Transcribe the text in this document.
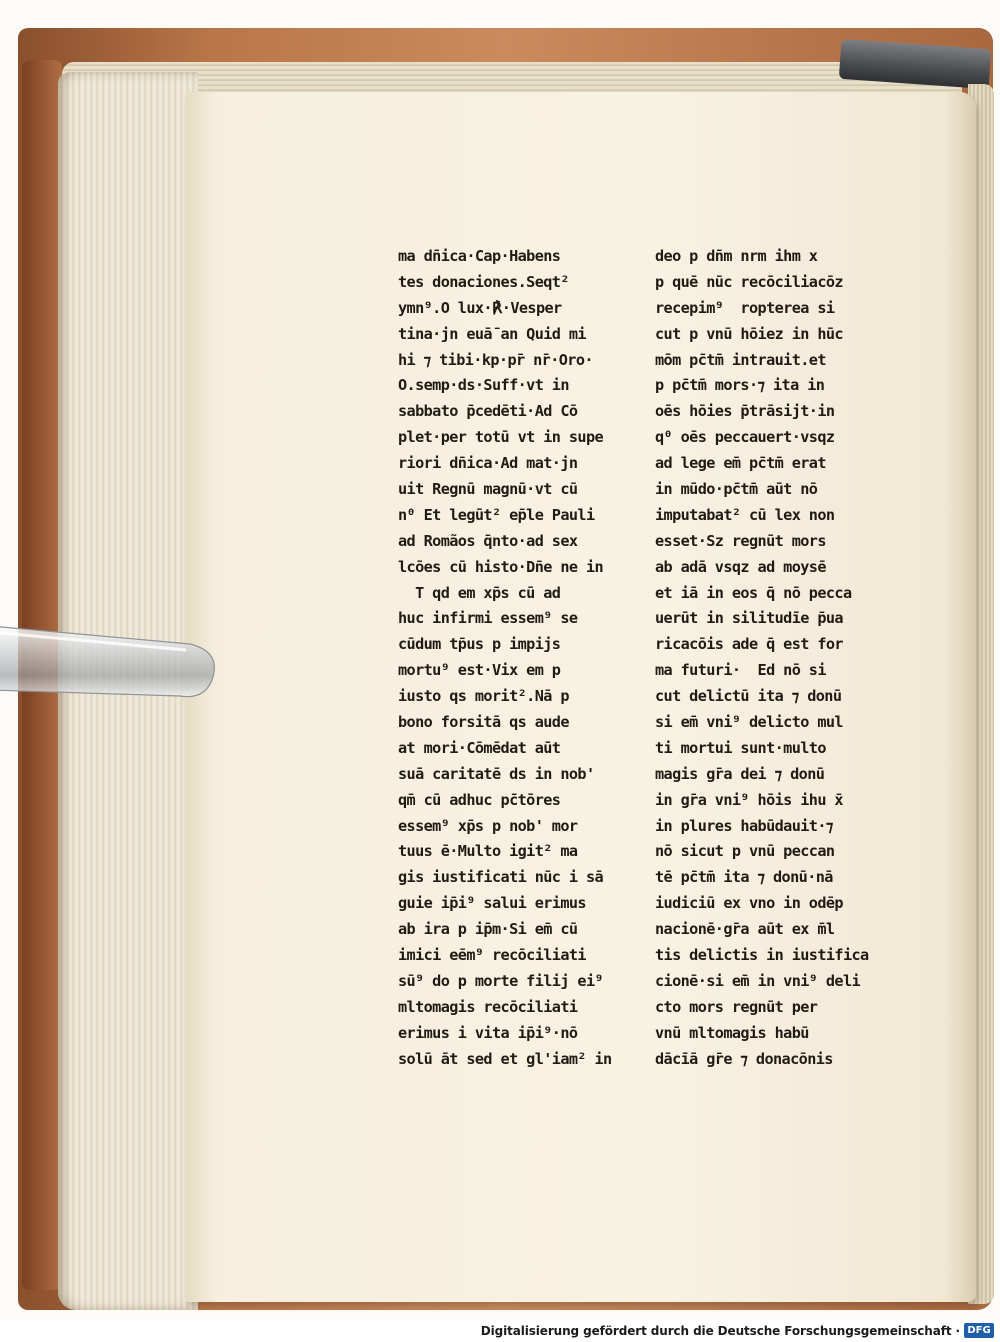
ma dn̄ica·Cap·Habens
tes donaciones.Seqt²
ymn⁹.O lux·℟·Vesper
tina·jn euā̄ an Quid mi
hi ⁊ tibi·kp·pr̄ nr̄·Oro·
O.semp·ds·Suff·vt in
sabbato p̄cedēti·Ad Cō
plet·per totū vt in supe
riori dn̄ica·Ad mat·jn
uit Regnū magnū·vt cū
n⁰ Et legūt² ep̄le Pauli
ad Romãos q̄nto·ad sex
lcōes cū histo·Dn̄e ne in
T qd em xp̄s cū ad
huc infirmi essem⁹ se
cūdum tp̄us p impijs
mortu⁹ est·Vix em p
iusto qs morit².Nā p
bono forsitā qs aude
at mori·Cōmēdat aūt
suā caritatē ds in nob'
qm̄ cū adhuc pc̄tōres
essem⁹ xp̄s p nob' mor
tuus ē·Multo igit² ma
gis iustificati nūc i sā
guie ip̄i⁹ salui erimus
ab ira p ip̄m·Si em̄ cū
imici eēm⁹ recōciliati
sū⁹ do p morte filij ei⁹
mltomagis recōciliati
erimus i vita ip̄i⁹·nō
solū āt sed et gl'iam² in
deo p dn̄m nrm ihm x
p quē nūc recōciliacōz
recepim⁹  ropterea si
cut p vnū hōiez in hūc
mōm pc̄tm̄ intrauit.et
p pc̄tm̄ mors·⁊ ita in
oēs hōies p̄trāsijt·in
q⁰ oēs peccauert·vsqz
ad lege em̄ pc̄tm̄ erat
in mūdo·pc̄tm̄ aūt nō
imputabat² cū lex non
esset·Sz regnūt mors
ab adā vsqz ad moysē
et iā in eos q̄ nō pecca
uerūt in silitudīe p̄ua
ricacōis ade q̄ est for
ma futuri·  Ed nō si
cut delictū ita ⁊ donū
si em̄ vni⁹ delicto mul
ti mortui sunt·multo
magis gr̄a dei ⁊ donū
in gr̄a vni⁹ hōis ihu x̄
in plures habūdauit·⁊
nō sicut p vnū peccan
tē pc̄tm̄ ita ⁊ donū·nā
iudiciū ex vno in odēp
nacionē·gr̄a aūt ex m̄l
tis delictis in iustifica
cionē·si em̄ in vni⁹ deli
cto mors regnūt per
vnū mltomagis habū
dācīā gr̄e ⁊ donacōnis
Digitalisierung gefördert durch die Deutsche Forschungsgemeinschaft · DFG
